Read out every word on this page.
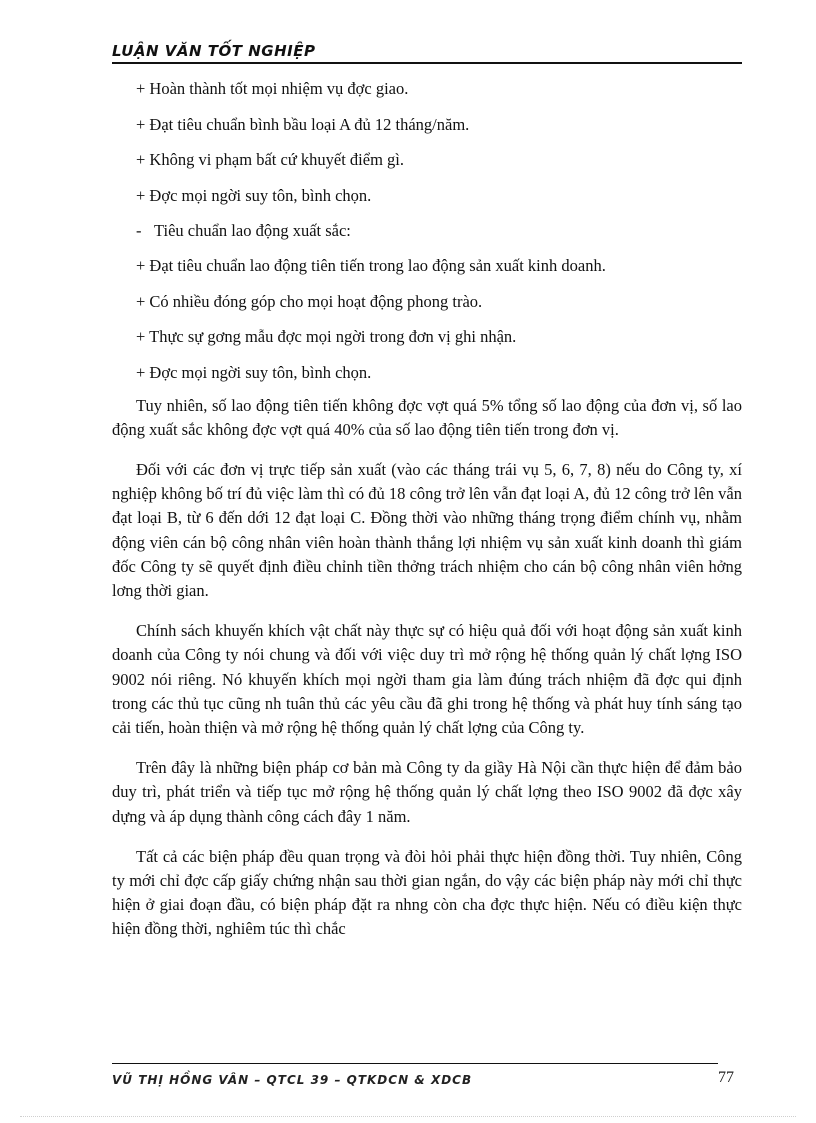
LUẬN VĂN TỐT NGHIỆP

+ Hoàn thành tốt mọi nhiệm vụ đợc giao.

+ Đạt tiêu chuẩn bình bầu loại A đủ 12 tháng/năm.

+ Không vi phạm bất cứ khuyết điểm gì.

+ Đợc mọi ngời suy tôn, bình chọn.

- Tiêu chuẩn lao động xuất sắc:

+ Đạt tiêu chuẩn lao động tiên tiến trong lao động sản xuất kinh doanh.

+ Có nhiều đóng góp cho mọi hoạt động phong trào.

+ Thực sự gơng mẫu đợc mọi ngời trong đơn vị ghi nhận.

+ Đợc mọi ngời suy tôn, bình chọn.

Tuy nhiên, số lao động tiên tiến không đợc vợt quá 5% tổng số lao động của đơn vị, số lao động xuất sắc không đợc vợt quá 40% của số lao động tiên tiến trong đơn vị.

Đối với các đơn vị trực tiếp sản xuất (vào các tháng trái vụ 5, 6, 7, 8) nếu do Công ty, xí nghiệp không bố trí đủ việc làm thì có đủ 18 công trở lên vẫn đạt loại A, đủ 12 công trở lên vẫn đạt loại B, từ 6 đến dới 12 đạt loại C. Đồng thời vào những tháng trọng điểm chính vụ, nhằm động viên cán bộ công nhân viên hoàn thành thắng lợi nhiệm vụ sản xuất kinh doanh thì giám đốc Công ty sẽ quyết định điều chỉnh tiền thởng trách nhiệm cho cán bộ công nhân viên hởng lơng thời gian.

Chính sách khuyến khích vật chất này thực sự có hiệu quả đối với hoạt động sản xuất kinh doanh của Công ty nói chung và đối với việc duy trì mở rộng hệ thống quản lý chất lợng ISO 9002 nói riêng. Nó khuyến khích mọi ngời tham gia làm đúng trách nhiệm đã đợc qui định trong các thủ tục cũng nh tuân thủ các yêu cầu đã ghi trong hệ thống và phát huy tính sáng tạo cải tiến, hoàn thiện và mở rộng hệ thống quản lý chất lợng của Công ty.

Trên đây là những biện pháp cơ bản mà Công ty da giầy Hà Nội cần thực hiện để đảm bảo duy trì, phát triển và tiếp tục mở rộng hệ thống quản lý chất lợng theo ISO 9002 đã đợc xây dựng và áp dụng thành công cách đây 1 năm.

Tất cả các biện pháp đều quan trọng và đòi hỏi phải thực hiện đồng thời. Tuy nhiên, Công ty mới chỉ đợc cấp giấy chứng nhận sau thời gian ngắn, do vậy các biện pháp này mới chỉ thực hiện ở giai đoạn đầu, có biện pháp đặt ra nhng còn cha đợc thực hiện. Nếu có điều kiện thực hiện đồng thời, nghiêm túc thì chắc

VŨ THỊ HỒNG VÂN – QTCL 39 – QTKDCN & XDCB	77
